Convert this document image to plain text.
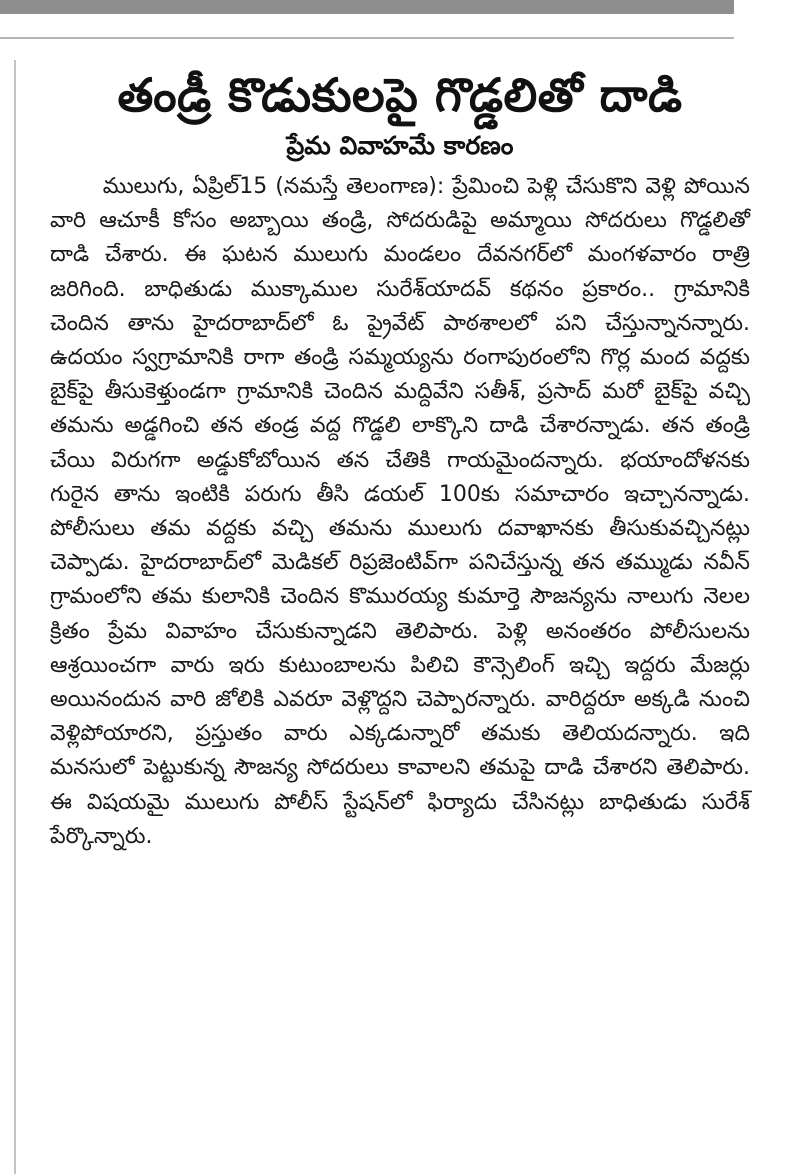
తండ్రీ కొడుకులపై గొడ్డలితో దాడి
ప్రేమ వివాహమే కారణం

ములుగు, ఏప్రిల్15 (నమస్తే తెలంగాణ): ప్రేమించి పెళ్లి చేసుకొని వెళ్లి పోయిన వారి ఆచూకీ కోసం అబ్బాయి తండ్రి, సోదరుడిపై అమ్మాయి సోదరులు గొడ్డలితో దాడి చేశారు. ఈ ఘటన ములుగు మండలం దేవనగర్‌లో మంగళవారం రాత్రి జరిగింది. బాధితుడు ముక్కాముల సురేశ్‌యాదవ్ కథనం ప్రకారం.. గ్రామానికి చెందిన తాను హైదరాబాద్‌లో ఓ ప్రైవేట్ పాఠశాలలో పని చేస్తున్నానన్నారు. ఉదయం స్వగ్రామానికి రాగా తండ్రి సమ్మయ్యను రంగాపురంలోని గొర్ల మంద వద్దకు బైక్‌పై తీసుకెళ్తుండగా గ్రామానికి చెందిన మద్దివేని సతీశ్, ప్రసాద్ మరో బైక్‌పై వచ్చి తమను అడ్డగించి తన తండ్ర వద్ద గొడ్డలి లాక్కొని దాడి చేశారన్నాడు. తన తండ్రి చేయి విరుగగా అడ్డుకోబోయిన తన చేతికి గాయమైందన్నారు. భయాందోళనకు గురైన తాను ఇంటికి పరుగు తీసి డయల్ 100కు సమాచారం ఇచ్చానన్నాడు. పోలీసులు తమ వద్దకు వచ్చి తమను ములుగు దవాఖానకు తీసుకువచ్చినట్లు చెప్పాడు. హైదరాబాద్‌లో మెడికల్ రిప్రజెంటివ్‌గా పనిచేస్తున్న తన తమ్ముడు నవీన్ గ్రామంలోని తమ కులానికి చెందిన కొమురయ్య కుమార్తె సౌజన్యను నాలుగు నెలల క్రితం ప్రేమ వివాహం చేసుకున్నాడని తెలిపారు. పెళ్లి అనంతరం పోలీసులను ఆశ్రయించగా వారు ఇరు కుటుంబాలను పిలిచి కౌన్సెలింగ్ ఇచ్చి ఇద్దరు మేజర్లు అయినందున వారి జోలికి ఎవరూ వెళ్లొద్దని చెప్పారన్నారు. వారిద్దరూ అక్కడి నుంచి వెళ్లిపోయారని, ప్రస్తుతం వారు ఎక్కడున్నారో తమకు తెలియదన్నారు. ఇది మనసులో పెట్టుకున్న సౌజన్య సోదరులు కావాలని తమపై దాడి చేశారని తెలిపారు. ఈ విషయమై ములుగు పోలీస్ స్టేషన్‌లో ఫిర్యాదు చేసినట్లు బాధితుడు సురేశ్ పేర్కొన్నారు.
